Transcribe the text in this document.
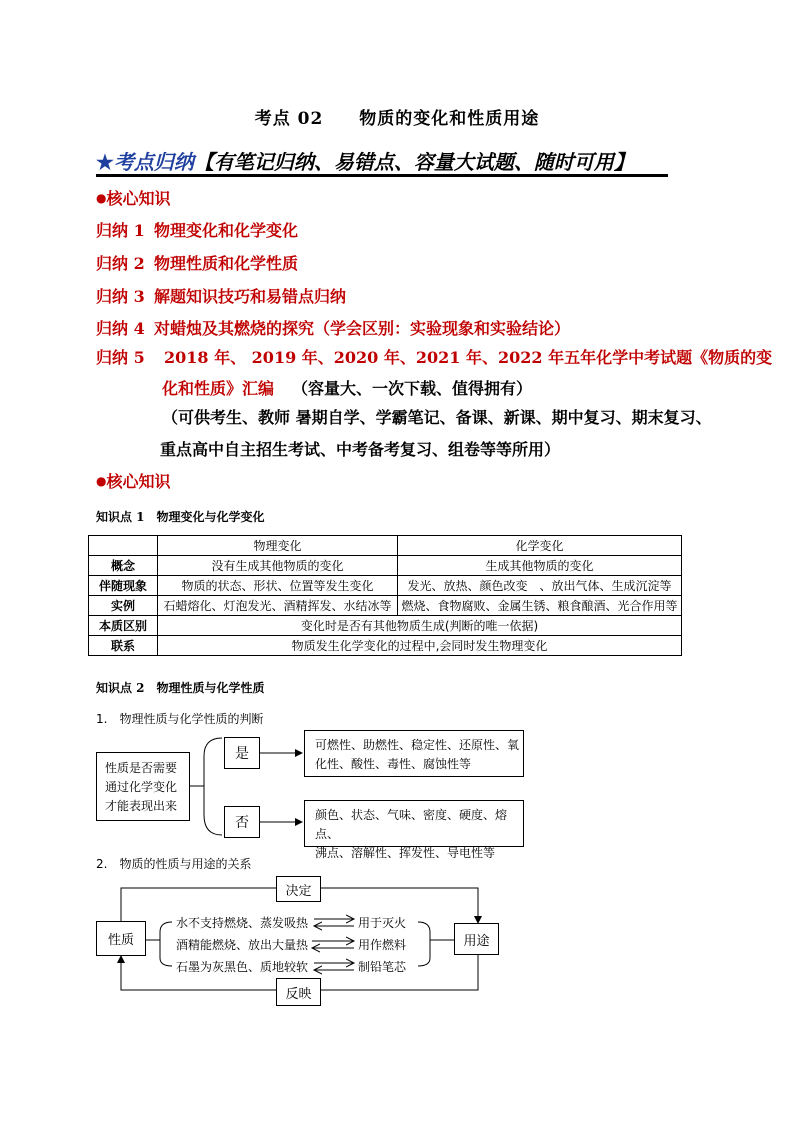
考点 02 物质的变化和性质用途
★考点归纳【有笔记归纳、易错点、容量大试题、随时可用】
●核心知识
归纳 1 物理变化和化学变化
归纳 2 物理性质和化学性质
归纳 3 解题知识技巧和易错点归纳
归纳 4 对蜡烛及其燃烧的探究（学会区别：实验现象和实验结论）
归纳 5 2018 年、 2019 年、2020 年、2021 年、2022 年五年化学中考试题《物质的变
化和性质》汇编 （容量大、一次下载、值得拥有）
（可供考生、教师 暑期自学、学霸笔记、备课、新课、期中复习、期末复习、
重点高中自主招生考试、中考备考复习、组卷等等所用）
●核心知识
知识点 1　物理变化与化学变化
	物理变化	化学变化
概念	没有生成其他物质的变化	生成其他物质的变化
伴随现象	物质的状态、形状、位置等发生变化	发光、放热、颜色改变　、放出气体、生成沉淀等
实例	石蜡熔化、灯泡发光、酒精挥发、水结冰等	燃烧、食物腐败、金属生锈、粮食酿酒、光合作用等
本质区别	变化时是否有其他物质生成(判断的唯一依据)	
联系	物质发生化学变化的过程中,会同时发生物理变化	
知识点 2　物理性质与化学性质
1.　物理性质与化学性质的判断
性质是否需要
通过化学变化
才能表现出来
是
否
可燃性、助燃性、稳定性、还原性、氧
化性、酸性、毒性、腐蚀性等
颜色、状态、气味、密度、硬度、熔点、
沸点、溶解性、挥发性、导电性等
2.　物质的性质与用途的关系
决定
反映
性质	用途
水不支持燃烧、蒸发吸热	用于灭火
酒精能燃烧、放出大量热	用作燃料
石墨为灰黑色、质地较软	制铅笔芯
